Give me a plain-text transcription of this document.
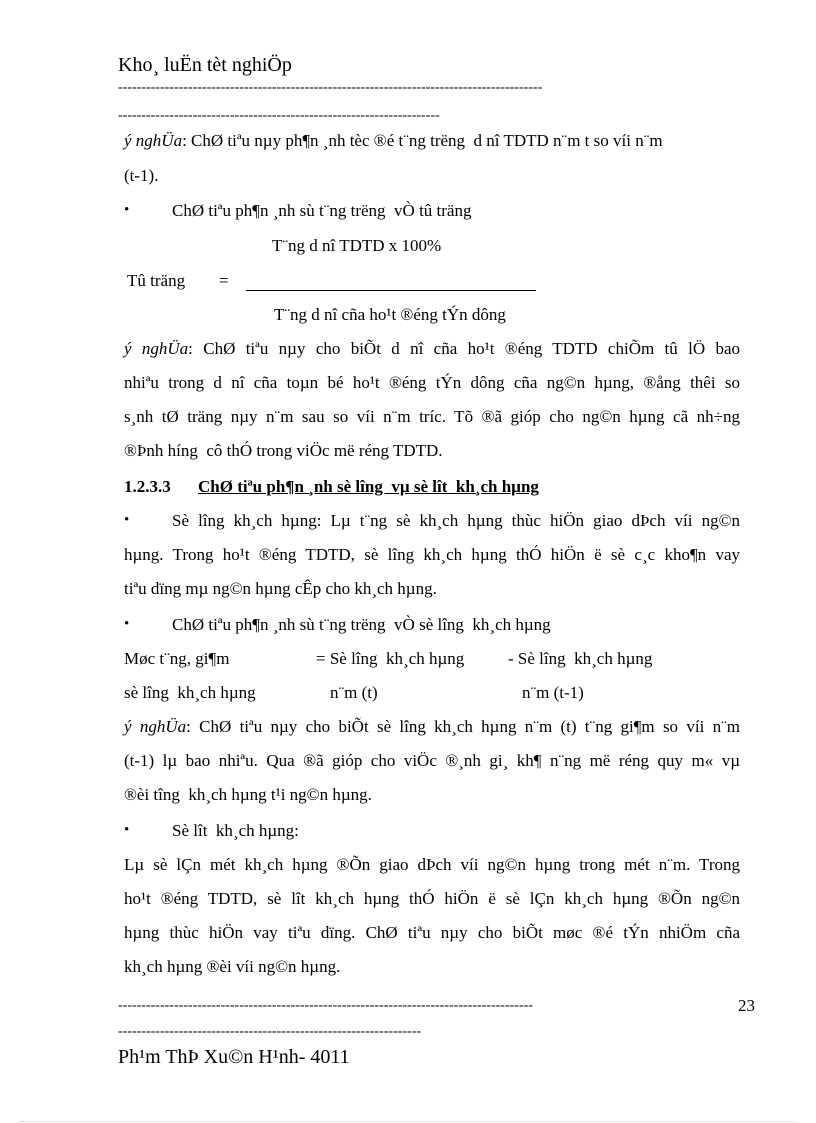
Kho¸ luËn tèt nghiÖp
-------------------------------------------------------------------------------------------
---------------------------------------------------------------------
ý nghÜa: ChØ tiªu nµy ph¶n ¸nh tèc ®é t¨ng trëng  d nî TDTD n¨m t so víi n¨m
(t-1).
•	ChØ tiªu ph¶n ¸nh sù t¨ng trëng  vÒ tû träng
T¨ng d nî TDTD x 100%
Tû träng =
T¨ng d nî cña ho¹t ®éng tÝn dông
ý nghÜa: ChØ tiªu nµy cho biÕt d nî cña ho¹t ®éng TDTD chiÕm tû lÖ bao
nhiªu trong d nî cña toµn bé ho¹t ®éng tÝn dông cña ng©n hµng, ®ång thêi so
s¸nh tØ träng nµy n¨m sau so víi n¨m tríc. Tõ ®ã gióp cho ng©n hµng cã nh÷ng
®Þnh híng  cô thÓ trong viÖc më réng TDTD.
1.2.3.3 ChØ tiªu ph¶n ¸nh sè lîng  vµ sè lît  kh¸ch hµng
•	Sè lîng kh¸ch hµng: Lµ t¨ng sè kh¸ch hµng thùc hiÖn giao dÞch víi ng©n
hµng. Trong ho¹t ®éng TDTD, sè lîng kh¸ch hµng thÓ hiÖn ë sè c¸c kho¶n vay
tiªu dïng mµ ng©n hµng cÊp cho kh¸ch hµng.
•	ChØ tiªu ph¶n ¸nh sù t¨ng trëng  vÒ sè lîng  kh¸ch hµng
Møc t¨ng, gi¶m	= Sè lîng  kh¸ch hµng	- Sè lîng  kh¸ch hµng
sè lîng  kh¸ch hµng	n¨m (t)	n¨m (t-1)
ý nghÜa: ChØ tiªu nµy cho biÕt sè lîng kh¸ch hµng n¨m (t) t¨ng gi¶m so víi n¨m
(t-1) lµ bao nhiªu. Qua ®ã gióp cho viÖc ®¸nh gi¸ kh¶ n¨ng më réng quy m« vµ
®èi tîng  kh¸ch hµng t¹i ng©n hµng.
•	Sè lît  kh¸ch hµng:
Lµ sè lÇn mét kh¸ch hµng ®Õn giao dÞch víi ng©n hµng trong mét n¨m. Trong
ho¹t ®éng TDTD, sè lît kh¸ch hµng thÓ hiÖn ë sè lÇn kh¸ch hµng ®Õn ng©n
hµng thùc hiÖn vay tiªu dïng. ChØ tiªu nµy cho biÕt møc ®é tÝn nhiÖm cña
kh¸ch hµng ®èi víi ng©n hµng.
-----------------------------------------------------------------------------------------	23
-----------------------------------------------------------------
Ph¹m ThÞ Xu©n H¹nh- 4011
